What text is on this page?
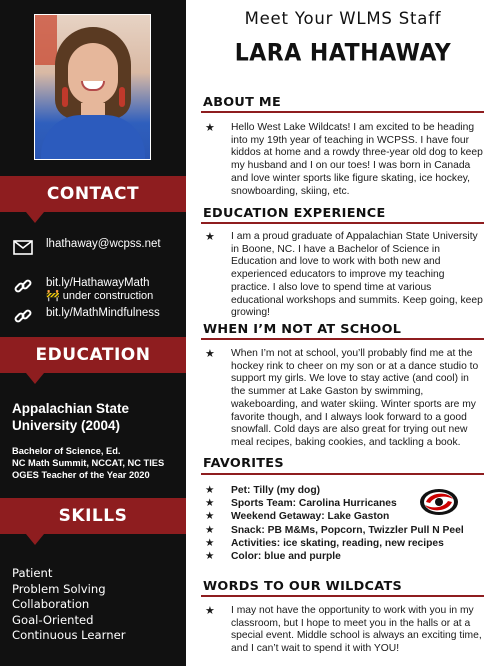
CONTACT
lhathaway@wcpss.net
bit.ly/HathawayMath
🚧 under construction
bit.ly/MathMindfulness
EDUCATION
Appalachian State University (2004)
Bachelor of Science, Ed.
NC Math Summit, NCCAT, NC TIES
OGES Teacher of the Year 2020
SKILLS
Patient
Problem Solving
Collaboration
Goal-Oriented
Continuous Learner
Meet Your WLMS Staff
LARA HATHAWAY
ABOUT ME
★ Hello West Lake Wildcats! I am excited to be heading into my 19th year of teaching in WCPSS. I have four kiddos at home and a rowdy three-year old dog to keep my husband and I on our toes! I was born in Canada and love winter sports like figure skating, ice hockey, snowboarding, skiing, etc.
EDUCATION EXPERIENCE
★ I am a proud graduate of Appalachian State University in Boone, NC. I have a Bachelor of Science in Education and love to work with both new and experienced educators to improve my teaching practice. I also love to spend time at various educational workshops and summits. Keep going, keep growing!
WHEN I’M NOT AT SCHOOL
★ When I’m not at school, you’ll probably find me at the hockey rink to cheer on my son or at a dance studio to support my girls. We love to stay active (and cool) in the summer at Lake Gaston by swimming, wakeboarding, and water skiing. Winter sports are my favorite though, and I always look forward to a good snowfall. Cold days are also great for trying out new meal recipes, baking cookies, and tackling a book.
FAVORITES
★ Pet: Tilly (my dog)
★ Sports Team: Carolina Hurricanes
★ Weekend Getaway: Lake Gaston
★ Snack: PB M&Ms, Popcorn, Twizzler Pull N Peel
★ Activities: ice skating, reading, new recipes
★ Color: blue and purple
WORDS TO OUR WILDCATS
★ I may not have the opportunity to work with you in my classroom, but I hope to meet you in the halls or at a special event. Middle school is always an exciting time, and I can’t wait to spend it with YOU!
